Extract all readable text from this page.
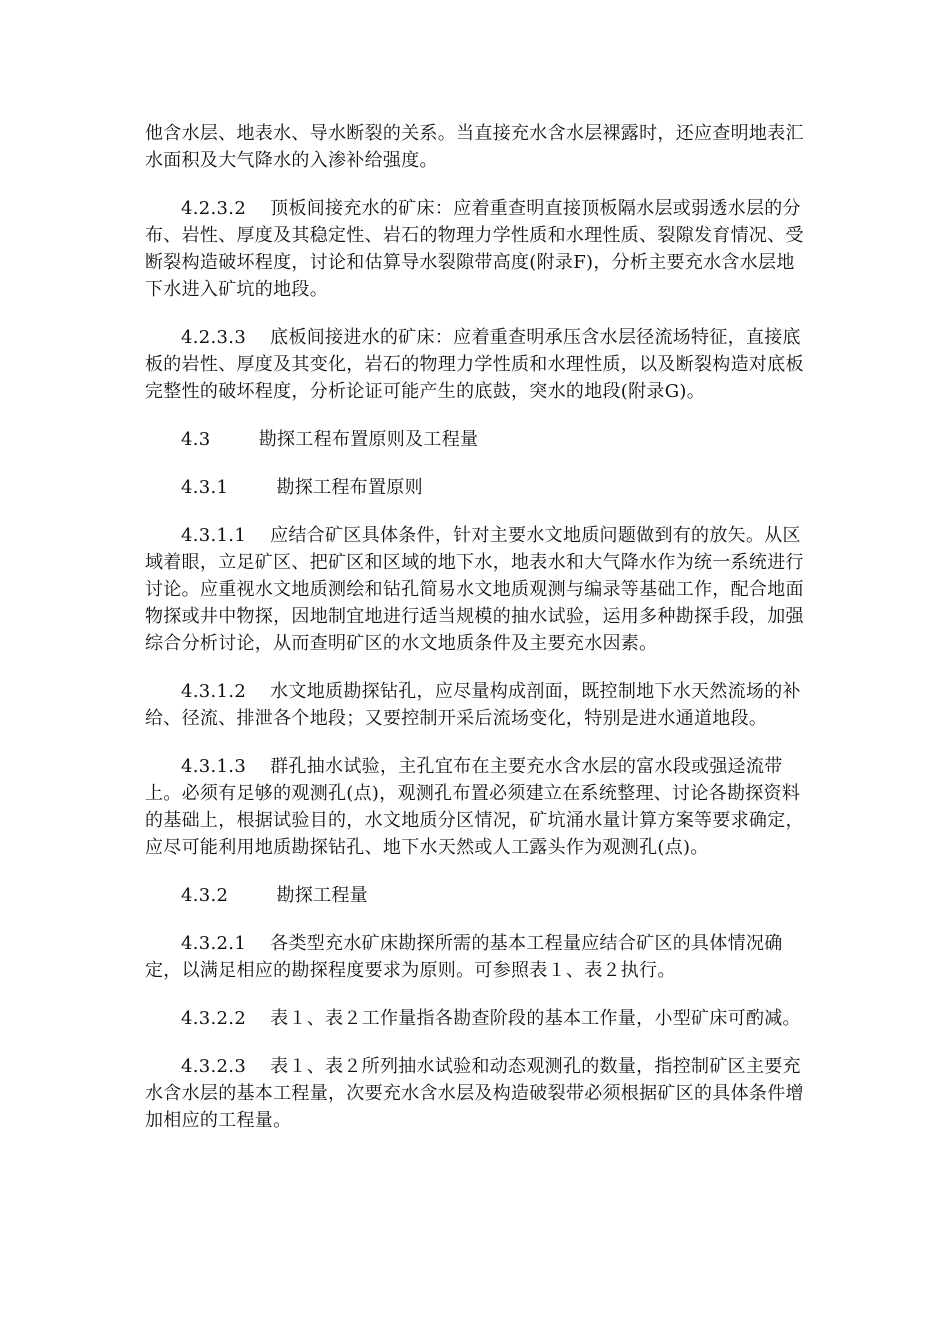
他含水层、地表水、导水断裂的关系。当直接充水含水层裸露时，还应查明地表汇水面积及大气降水的入渗补给强度。

4.2.3.2    顶板间接充水的矿床：应着重查明直接顶板隔水层或弱透水层的分布、岩性、厚度及其稳定性、岩石的物理力学性质和水理性质、裂隙发育情况、受断裂构造破坏程度，讨论和估算导水裂隙带高度(附录F)，分析主要充水含水层地下水进入矿坑的地段。

4.2.3.3    底板间接进水的矿床：应着重查明承压含水层径流场特征，直接底板的岩性、厚度及其变化，岩石的物理力学性质和水理性质，以及断裂构造对底板完整性的破坏程度，分析论证可能产生的底鼓，突水的地段(附录G)。

4.3        勘探工程布置原则及工程量

4.3.1        勘探工程布置原则

4.3.1.1    应结合矿区具体条件，针对主要水文地质问题做到有的放矢。从区域着眼，立足矿区、把矿区和区域的地下水，地表水和大气降水作为统一系统进行讨论。应重视水文地质测绘和钻孔简易水文地质观测与编录等基础工作，配合地面物探或井中物探，因地制宜地进行适当规模的抽水试验，运用多种勘探手段，加强综合分析讨论，从而查明矿区的水文地质条件及主要充水因素。

4.3.1.2    水文地质勘探钻孔，应尽量构成剖面，既控制地下水天然流场的补给、径流、排泄各个地段；又要控制开采后流场变化，特别是进水通道地段。

4.3.1.3    群孔抽水试验，主孔宜布在主要充水含水层的富水段或强迳流带上。必须有足够的观测孔(点)，观测孔布置必须建立在系统整理、讨论各勘探资料的基础上，根据试验目的，水文地质分区情况，矿坑涌水量计算方案等要求确定，应尽可能利用地质勘探钻孔、地下水天然或人工露头作为观测孔(点)。

4.3.2        勘探工程量

4.3.2.1    各类型充水矿床勘探所需的基本工程量应结合矿区的具体情况确定，以满足相应的勘探程度要求为原则。可参照表１、表２执行。

4.3.2.2    表１、表２工作量指各勘查阶段的基本工作量，小型矿床可酌减。

4.3.2.3    表１、表２所列抽水试验和动态观测孔的数量，指控制矿区主要充水含水层的基本工程量，次要充水含水层及构造破裂带必须根据矿区的具体条件增加相应的工程量。
